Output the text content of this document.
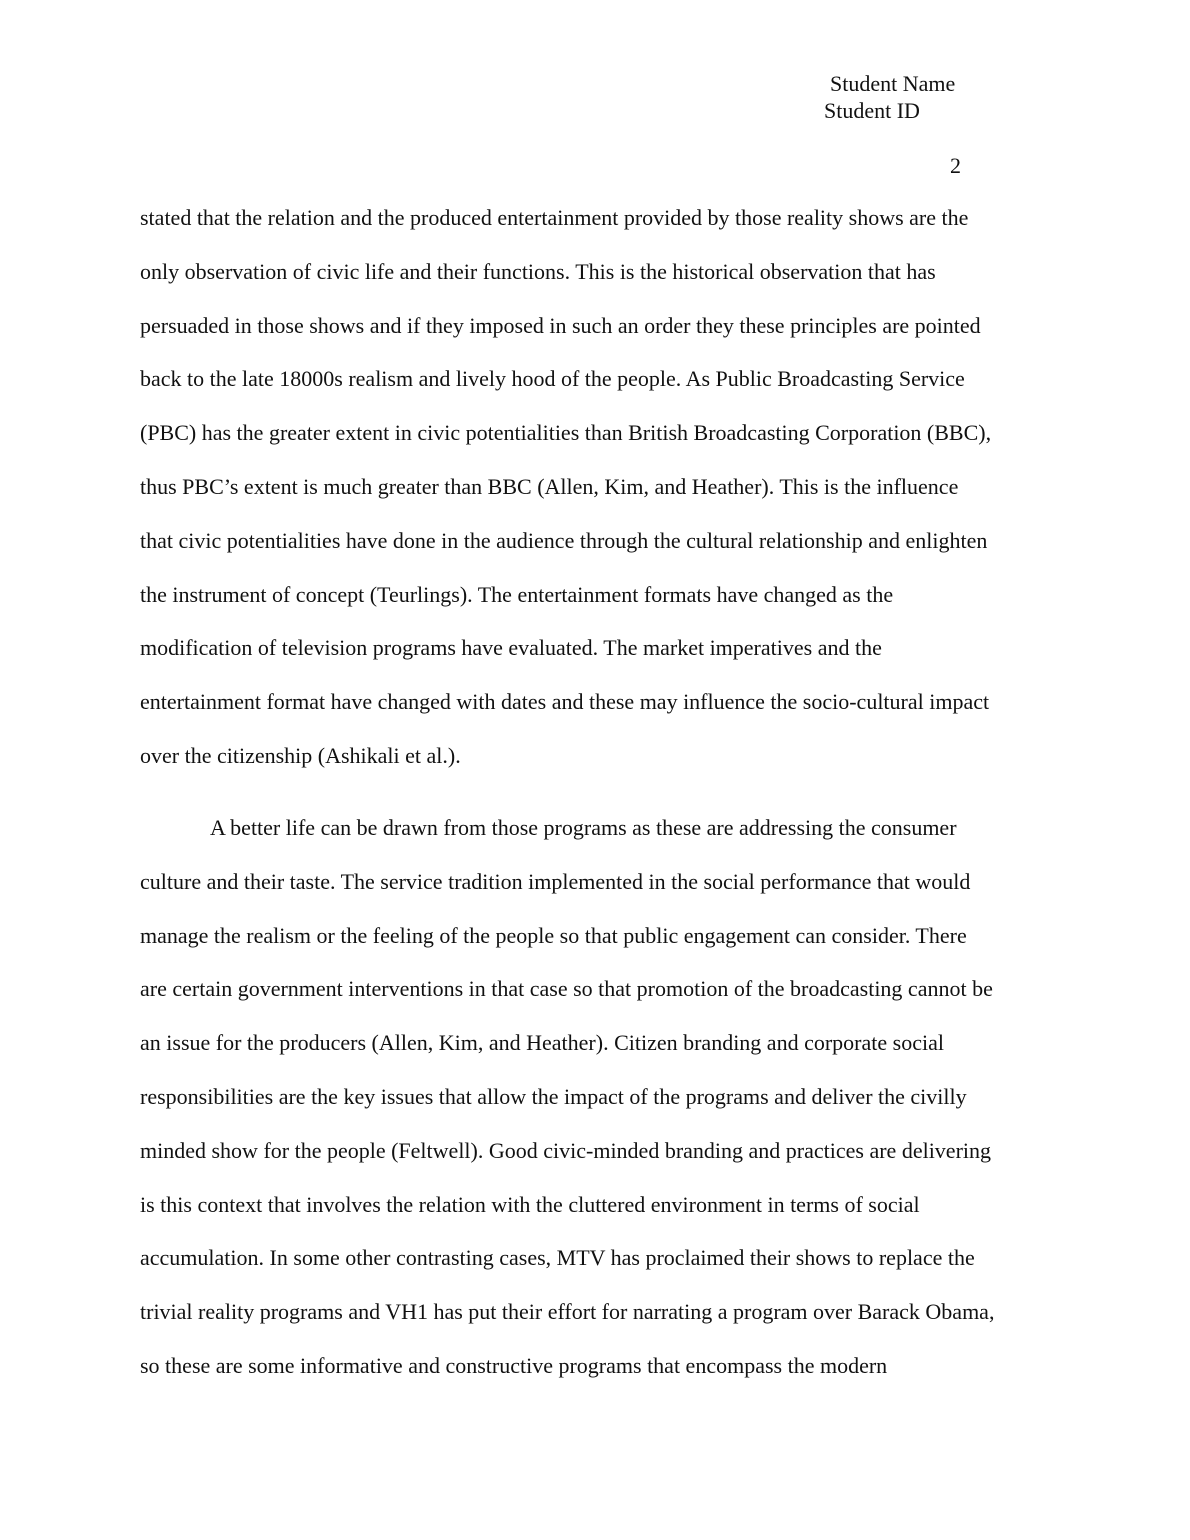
Student Name
Student ID
2
stated that the relation and the produced entertainment provided by those reality shows are the
only observation of civic life and their functions. This is the historical observation that has
persuaded in those shows and if they imposed in such an order they these principles are pointed
back to the late 18000s realism and lively hood of the people. As Public Broadcasting Service
(PBC) has the greater extent in civic potentialities than British Broadcasting Corporation (BBC),
thus PBC’s extent is much greater than BBC (Allen, Kim, and Heather). This is the influence
that civic potentialities have done in the audience through the cultural relationship and enlighten
the instrument of concept (Teurlings). The entertainment formats have changed as the
modification of television programs have evaluated. The market imperatives and the
entertainment format have changed with dates and these may influence the socio-cultural impact
over the citizenship (Ashikali et al.).
A better life can be drawn from those programs as these are addressing the consumer
culture and their taste. The service tradition implemented in the social performance that would
manage the realism or the feeling of the people so that public engagement can consider. There
are certain government interventions in that case so that promotion of the broadcasting cannot be
an issue for the producers (Allen, Kim, and Heather). Citizen branding and corporate social
responsibilities are the key issues that allow the impact of the programs and deliver the civilly
minded show for the people (Feltwell). Good civic-minded branding and practices are delivering
is this context that involves the relation with the cluttered environment in terms of social
accumulation. In some other contrasting cases, MTV has proclaimed their shows to replace the
trivial reality programs and VH1 has put their effort for narrating a program over Barack Obama,
so these are some informative and constructive programs that encompass the modern
